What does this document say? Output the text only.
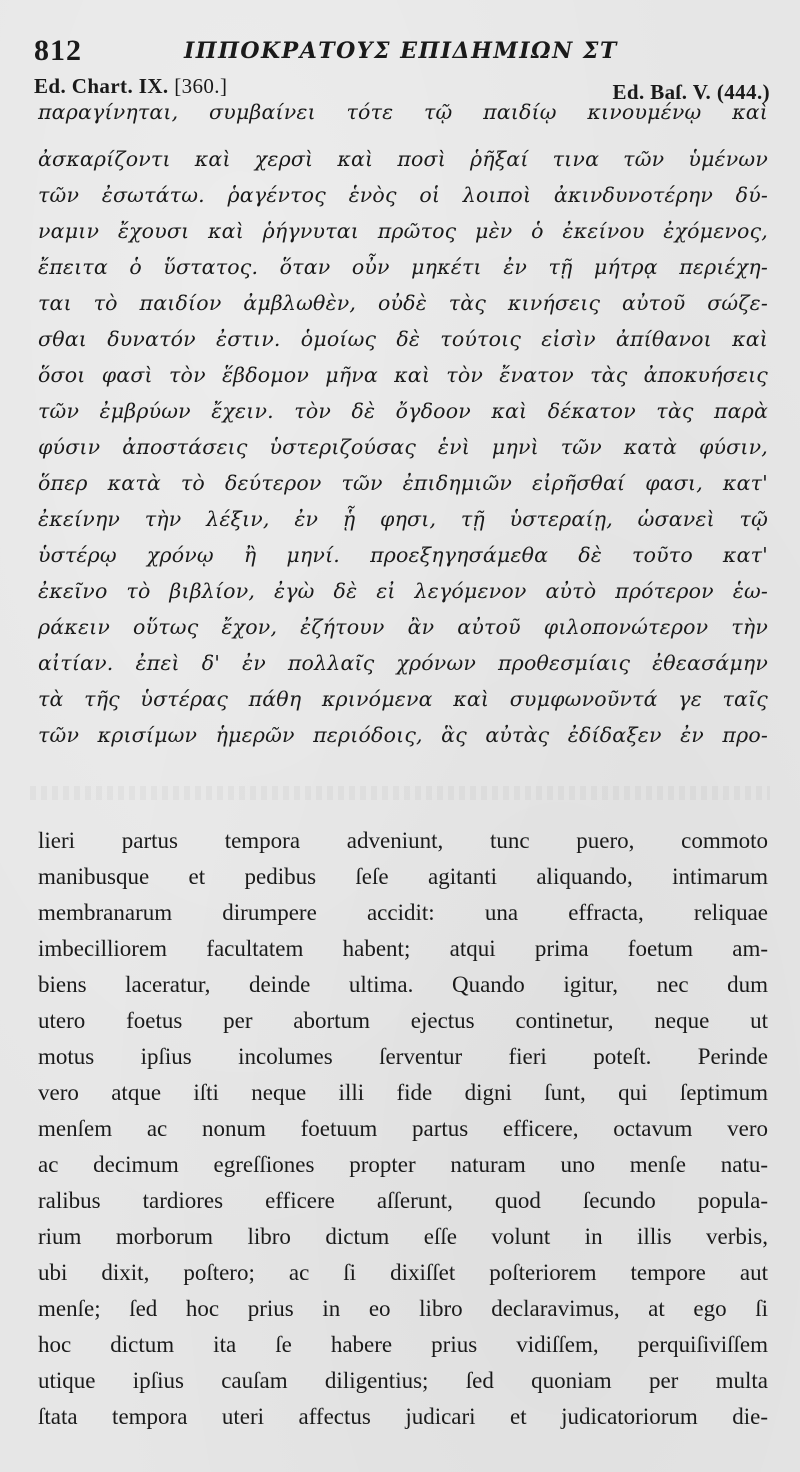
812	ΙΠΠΟΚΡΑΤΟΥΣ ΕΠΙΔΗΜΙΩΝ ΣΤ
Ed. Chart. IX. [360.]	Ed. Baſ. V. (444.)
παραγίνηται, συμβαίνει τότε τῷ παιδίῳ κινουμένῳ καὶ
ἀσκαρίζοντι καὶ χερσὶ καὶ ποσὶ ῥῆξαί τινα τῶν ὑμένων
τῶν ἐσωτάτω. ῥαγέντος ἑνὸς οἱ λοιποὶ ἀκινδυνοτέρην δύ-
ναμιν ἔχουσι καὶ ῥήγνυται πρῶτος μὲν ὁ ἐκείνου ἐχόμενος,
ἔπειτα ὁ ὕστατος. ὅταν οὖν μηκέτι ἐν τῇ μήτρᾳ περιέχη-
ται τὸ παιδίον ἀμβλωθὲν, οὐδὲ τὰς κινήσεις αὐτοῦ σώζε-
σθαι δυνατόν ἐστιν. ὁμοίως δὲ τούτοις εἰσὶν ἀπίθανοι καὶ
ὅσοι φασὶ τὸν ἕβδομον μῆνα καὶ τὸν ἔνατον τὰς ἀποκυήσεις
τῶν ἐμβρύων ἔχειν. τὸν δὲ ὄγδοον καὶ δέκατον τὰς παρὰ
φύσιν ἀποστάσεις ὑστεριζούσας ἑνὶ μηνὶ τῶν κατὰ φύσιν,
ὅπερ κατὰ τὸ δεύτερον τῶν ἐπιδημιῶν εἰρῆσθαί φασι, κατ'
ἐκείνην τὴν λέξιν, ἐν ᾗ φησι, τῇ ὑστεραίῃ, ὡσανεὶ τῷ
ὑστέρῳ χρόνῳ ἢ μηνί. προεξηγησάμεθα δὲ τοῦτο κατ'
ἐκεῖνο τὸ βιβλίον, ἐγὼ δὲ εἰ λεγόμενον αὐτὸ πρότερον ἑω-
ράκειν οὕτως ἔχον, ἐζήτουν ἂν αὐτοῦ φιλοπονώτερον τὴν
αἰτίαν. ἐπεὶ δ' ἐν πολλαῖς χρόνων προθεσμίαις ἐθεασάμην
τὰ τῆς ὑστέρας πάθη κρινόμενα καὶ συμφωνοῦντά γε ταῖς
τῶν κρισίμων ἡμερῶν περιόδοις, ἃς αὐτὰς ἐδίδαξεν ἐν προ-
lieri partus tempora adveniunt, tunc puero, commoto
manibusque et pedibus ſeſe agitanti aliquando, intimarum
membranarum dirumpere accidit: una effracta, reliquae
imbecilliorem facultatem habent; atqui prima foetum am-
biens laceratur, deinde ultima. Quando igitur, nec dum
utero foetus per abortum ejectus continetur, neque ut
motus ipſius incolumes ſerventur fieri poteſt. Perinde
vero atque iſti neque illi fide digni ſunt, qui ſeptimum
menſem ac nonum foetuum partus efficere, octavum vero
ac decimum egreſſiones propter naturam uno menſe natu-
ralibus tardiores efficere aſſerunt, quod ſecundo popula-
rium morborum libro dictum eſſe volunt in illis verbis,
ubi dixit, poſtero; ac ſi dixiſſet poſteriorem tempore aut
menſe; ſed hoc prius in eo libro declaravimus, at ego ſi
hoc dictum ita ſe habere prius vidiſſem, perquiſiviſſem
utique ipſius cauſam diligentius; ſed quoniam per multa
ſtata tempora uteri affectus judicari et judicatoriorum die-
